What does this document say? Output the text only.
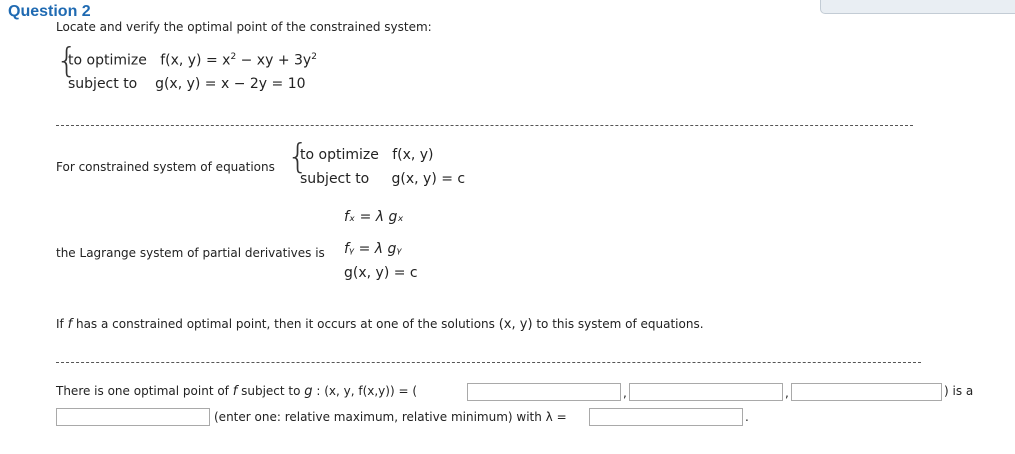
Question 2
Locate and verify the optimal point of the constrained system:
{
to optimize f(x, $y) = x^2$ − xy + $3y^2$
subject to g(x, y) = x − 2y = 10
For constrained system of equations {
to optimize f(x, y)
subject to g(x, y) = c
fₓ = λ gₓ
the Lagrange system of partial derivatives is fᵧ = λ gᵧ
g(x, y) = c
If f has a constrained optimal point, then it occurs at one of the solutions (x, y) to this system of equations.
There is one optimal point of f subject to g : (x, y, f(x,y)) = (	,	,	) is a
(enter one: relative maximum, relative minimum) with λ =	.
